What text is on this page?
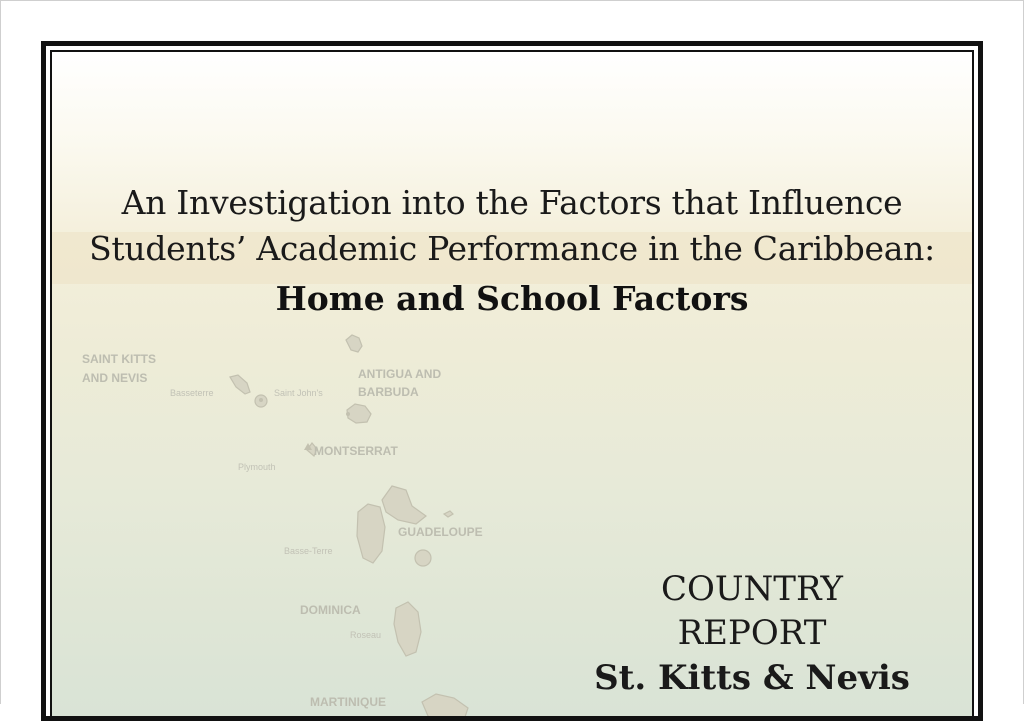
SAINT KITTS
AND NEVIS
Basseterre	Saint John's
ANTIGUA AND
BARBUDA
MONTSERRAT
Plymouth
GUADELOUPE
Basse-Terre
DOMINICA
Roseau
MARTINIQUE
An Investigation into the Factors that Influence
Students’ Academic Performance in the Caribbean:
Home and School Factors
COUNTRY REPORT
St. Kitts & Nevis
